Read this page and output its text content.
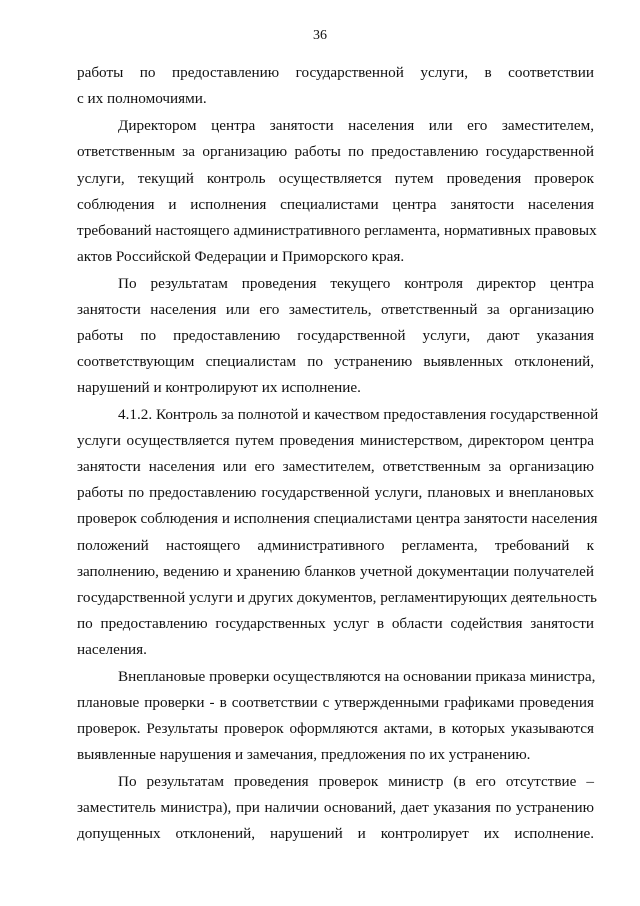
36
работы по предоставлению государственной услуги, в соответствии
с их полномочиями.
Директором центра занятости населения или его заместителем,
ответственным за организацию работы по предоставлению государственной
услуги, текущий контроль осуществляется путем проведения проверок
соблюдения и исполнения специалистами центра занятости населения
требований настоящего административного регламента, нормативных правовых
актов Российской Федерации и Приморского края.
По результатам проведения текущего контроля директор центра
занятости населения или его заместитель, ответственный за организацию
работы по предоставлению государственной услуги, дают указания
соответствующим специалистам по устранению выявленных отклонений,
нарушений и контролируют их исполнение.
4.1.2. Контроль за полнотой и качеством предоставления государственной
услуги осуществляется путем проведения министерством, директором центра
занятости населения или его заместителем, ответственным за организацию
работы по предоставлению государственной услуги, плановых и внеплановых
проверок соблюдения и исполнения специалистами центра занятости населения
положений настоящего административного регламента, требований к
заполнению, ведению и хранению бланков учетной документации получателей
государственной услуги и других документов, регламентирующих деятельность
по предоставлению государственных услуг в области содействия занятости
населения.
Внеплановые проверки осуществляются на основании приказа министра,
плановые проверки - в соответствии с утвержденными графиками проведения
проверок. Результаты проверок оформляются актами, в которых указываются
выявленные нарушения и замечания, предложения по их устранению.
По результатам проведения проверок министр (в его отсутствие –
заместитель министра), при наличии оснований, дает указания по устранению
допущенных отклонений, нарушений и контролирует их исполнение.
